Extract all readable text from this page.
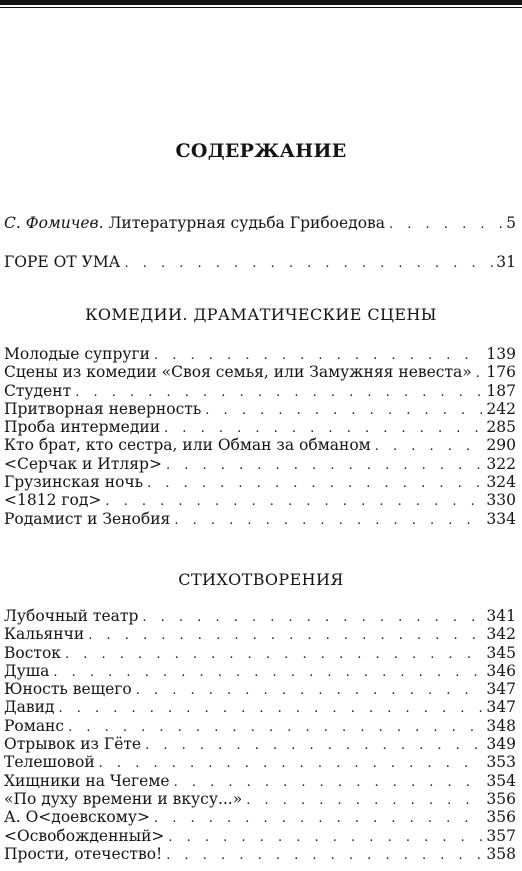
СОДЕРЖАНИЕ
С. Фомичев. Литературная судьба Грибоедова . . .	5
ГОРЕ ОТ УМА . . .	31
КОМЕДИИ. ДРАМАТИЧЕСКИЕ СЦЕНЫ
Молодые супруги . . .	139
Сцены из комедии «Своя семья, или Замужняя невеста» . . . 176
Студент . . .	187
Притворная неверность . . .	242
Проба интермедии . . .	285
Кто брат, кто сестра, или Обман за обманом . . .	290
<Серчак и Итляр> . . .	322
Грузинская ночь . . .	324
<1812 год> . . .	330
Родамист и Зенобия . . .	334
СТИХОТВОРЕНИЯ
Лубочный театр . . .	341
Кальянчи . . .	342
Восток . . .	345
Душа . . .	346
Юность вещего . . .	347
Давид . . .	347
Романс . . .	348
Отрывок из Гёте . . .	349
Телешовой . . .	353
Хищники на Чегеме . . .	354
«По духу времени и вкусу...» . . .	356
А. О<доевскому> . . .	356
<Освобожденный> . . .	357
Прости, отечество! . . .	358
